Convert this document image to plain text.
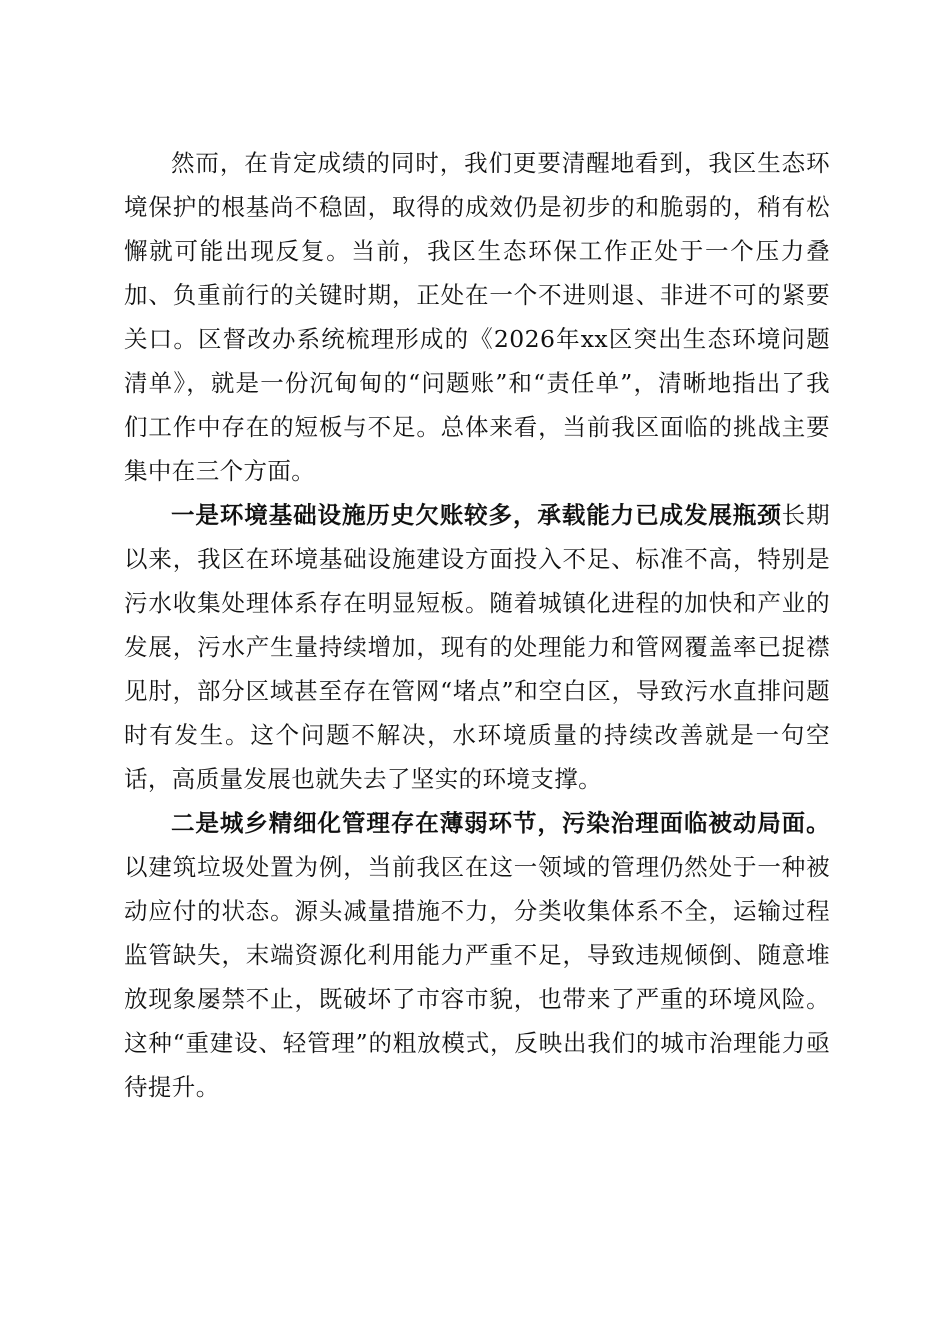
然而，在肯定成绩的同时，我们更要清醒地看到，我区生态环境保护的根基尚不稳固，取得的成效仍是初步的和脆弱的，稍有松懈就可能出现反复。当前，我区生态环保工作正处于一个压力叠加、负重前行的关键时期，正处在一个不进则退、非进不可的紧要关口。区督改办系统梳理形成的《2026年xx区突出生态环境问题清单》，就是一份沉甸甸的“问题账”和“责任单”，清晰地指出了我们工作中存在的短板与不足。总体来看，当前我区面临的挑战主要集中在三个方面。

一是环境基础设施历史欠账较多，承载能力已成发展瓶颈长期以来，我区在环境基础设施建设方面投入不足、标准不高，特别是污水收集处理体系存在明显短板。随着城镇化进程的加快和产业的发展，污水产生量持续增加，现有的处理能力和管网覆盖率已捉襟见肘，部分区域甚至存在管网“堵点”和空白区，导致污水直排问题时有发生。这个问题不解决，水环境质量的持续改善就是一句空话，高质量发展也就失去了坚实的环境支撑。

二是城乡精细化管理存在薄弱环节，污染治理面临被动局面。以建筑垃圾处置为例，当前我区在这一领域的管理仍然处于一种被动应付的状态。源头减量措施不力，分类收集体系不全，运输过程监管缺失，末端资源化利用能力严重不足，导致违规倾倒、随意堆放现象屡禁不止，既破坏了市容市貌，也带来了严重的环境风险。这种“重建设、轻管理”的粗放模式，反映出我们的城市治理能力亟待提升。
